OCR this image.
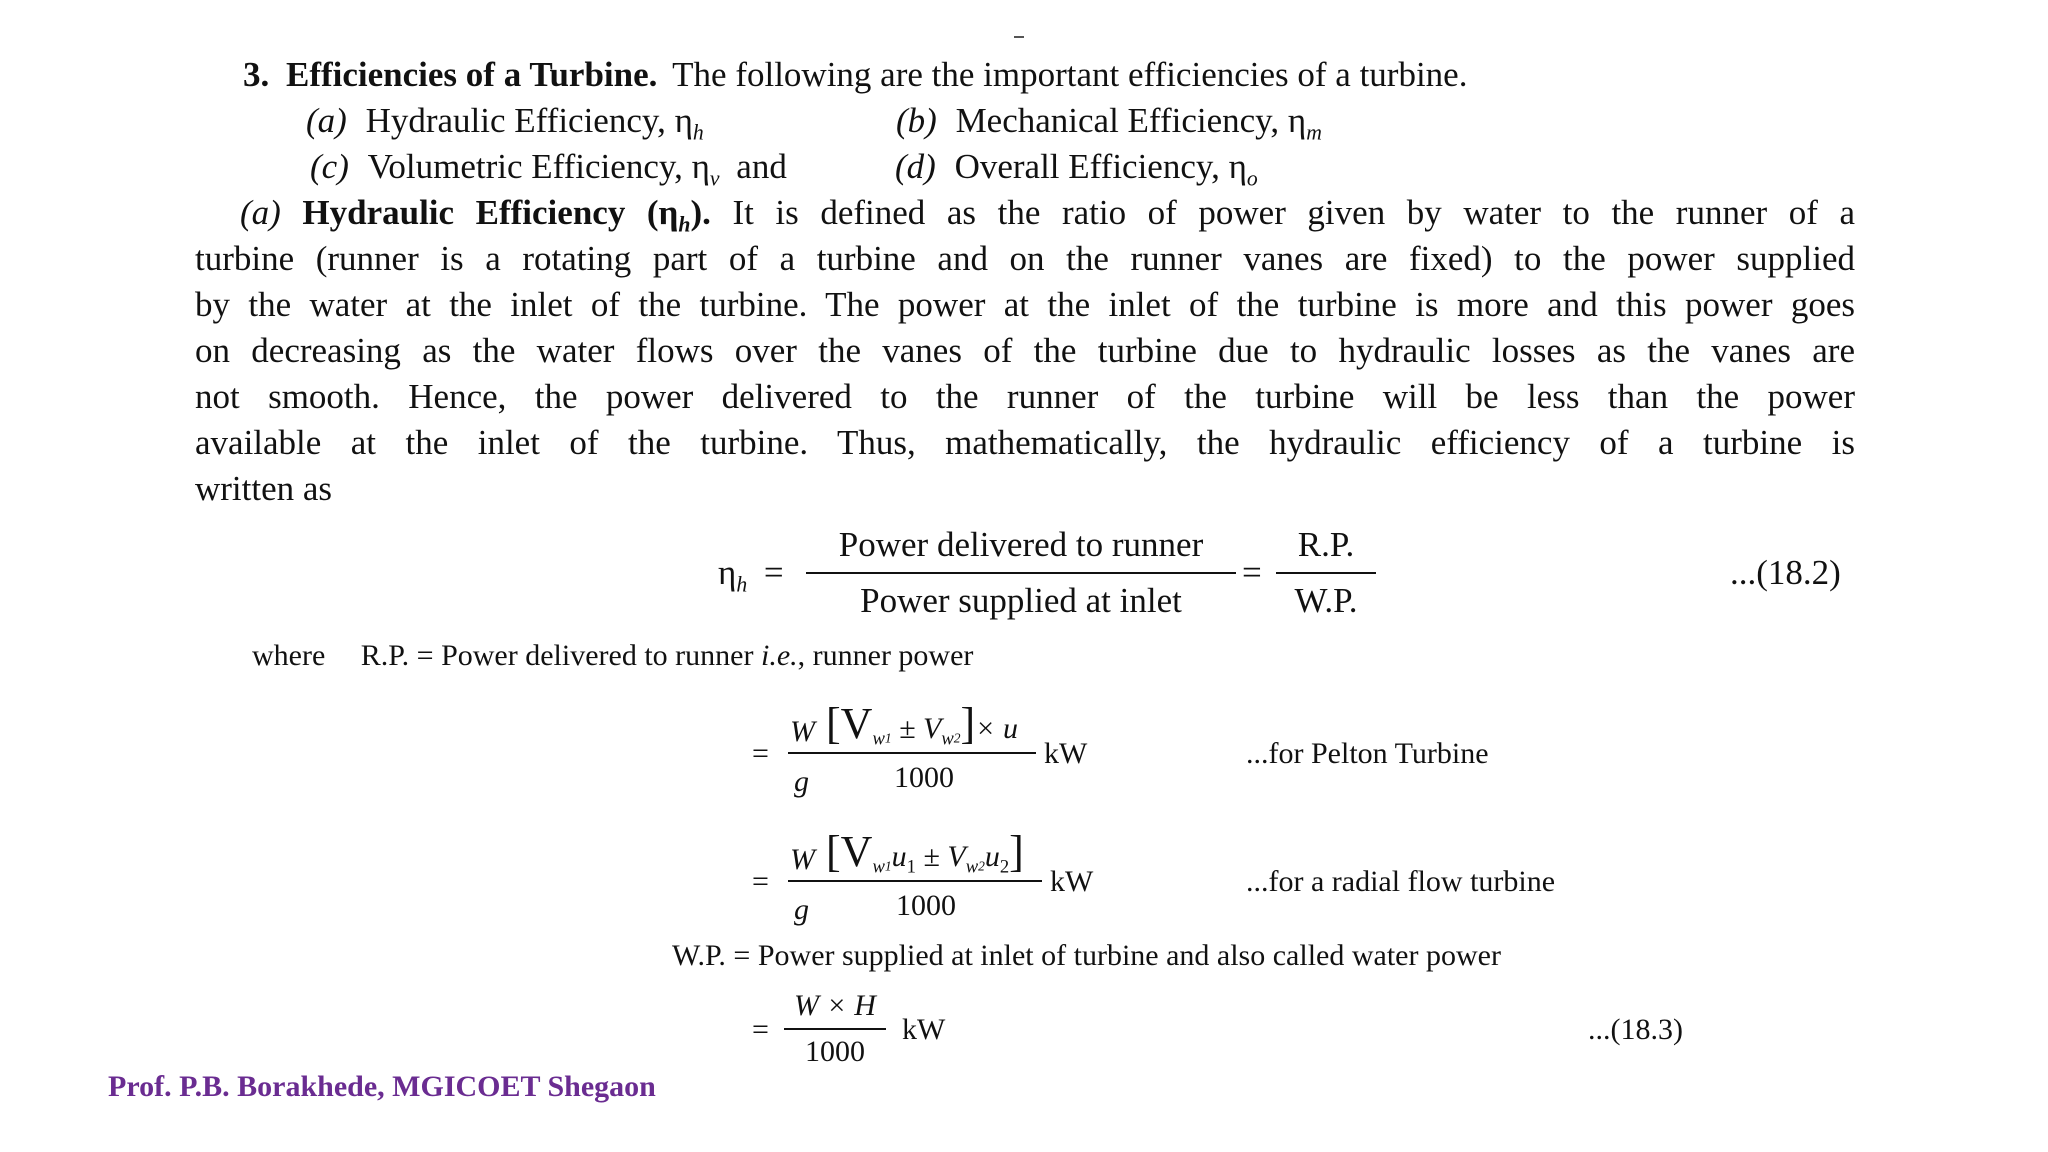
3. Efficiencies of a Turbine. The following are the important efficiencies of a turbine.
(a) Hydraulic Efficiency, $\eta_h$	(b) Mechanical Efficiency, $\eta_m$
(c) Volumetric Efficiency, $\eta_v$ and	(d) Overall Efficiency, $\eta_o$
(a) Hydraulic Efficiency $(\eta_h)$. It is defined as the ratio of power given by water to the runner of a
turbine (runner is a rotating part of a turbine and on the runner vanes are fixed) to the power supplied
by the water at the inlet of the turbine. The power at the inlet of the turbine is more and this power goes
on decreasing as the water flows over the vanes of the turbine due to hydraulic losses as the vanes are
not smooth. Hence, the power delivered to the runner of the turbine will be less than the power
available at the inlet of the turbine. Thus, mathematically, the hydraulic efficiency of a turbine is
written as
$\eta_h$ =
Power delivered to runner
Power supplied at inlet
=
R.P.
W.P.
...(18.2)
where R.P. = Power delivered to runner i.e., runner power
=
W
g
$[V_{w1} \pm V_{w2}]\times u$
1000
kW	...for Pelton Turbine
=
W
g
$[V_{w1}u_1 \pm V_{w2}u_2]$
1000
kW	...for a radial flow turbine
W.P. = Power supplied at inlet of turbine and also called water power
=
W × H
1000
kW	...(18.3)
Prof. P.B. Borakhede, MGICOET Shegaon
